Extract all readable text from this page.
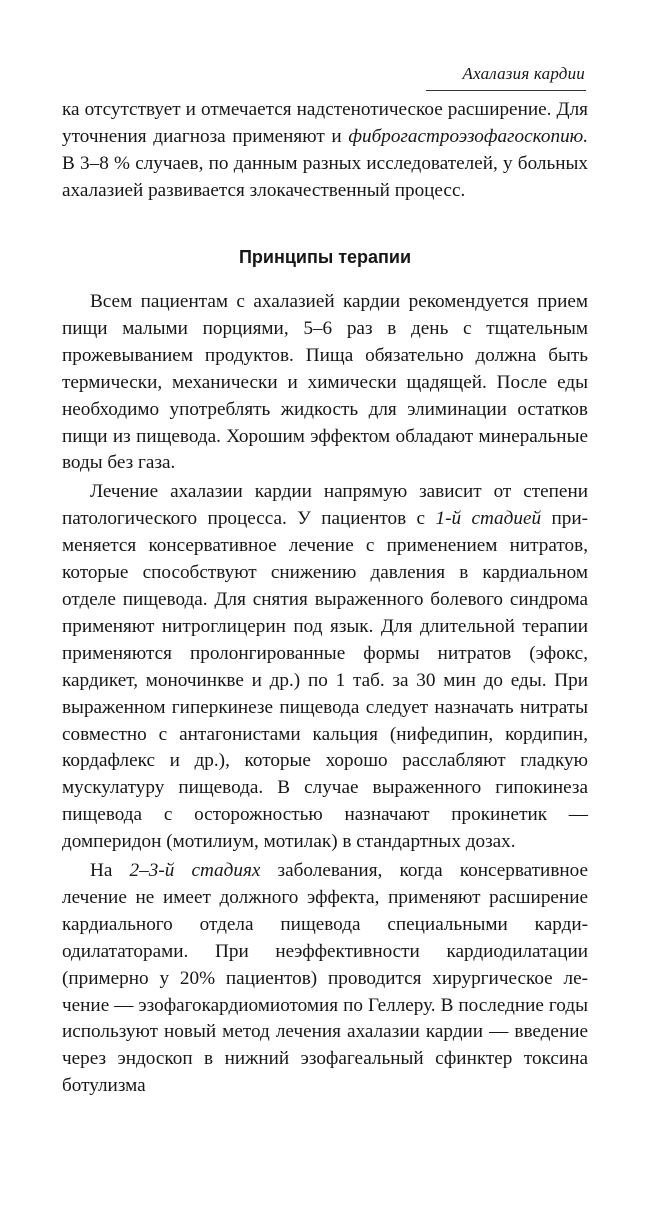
Ахалазия кардии

ка отсутствует и отмечается надстенотическое расширение. Для уточнения диагноза применяют и фиброгастроэзофагоскопию. В 3–8 % случаев, по данным разных исследователей, у больных ахалазией развивается злокачественный процесс.

Принципы терапии

Всем пациентам с ахалазией кардии рекомендуется прием пищи малыми порциями, 5–6 раз в день с тщательным прожевыванием продуктов. Пища обязательно должна быть термически, механически и химически щадящей. После еды необходимо употреблять жидкость для элиминации остатков пищи из пищевода. Хорошим эффектом обладают минеральные воды без газа.

Лечение ахалазии кардии напрямую зависит от степени патологического процесса. У пациентов с 1-й стадией применяется консервативное лечение с применением нитратов, которые способствуют снижению давления в кардиальном отделе пищевода. Для снятия выраженного болевого синдрома применяют нитроглицерин под язык. Для длительной терапии применяются пролонгированные формы нитратов (эфокс, кардикет, моночинкве и др.) по 1 таб. за 30 мин до еды. При выраженном гиперкинезе пищевода следует назначать нитраты совместно с антагонистами кальция (нифедипин, кордипин, кордафлекс и др.), которые хорошо расслабляют гладкую мускулатуру пищевода. В случае выраженного гипокинеза пищевода с осторожностью назначают прокинетик — домперидон (мотилиум, мотилак) в стандартных дозах.

На 2–3-й стадиях заболевания, когда консервативное лечение не имеет должного эффекта, применяют расширение кардиального отдела пищевода специальными кардиодилататорами. При неэффективности кардиодилатации (примерно у 20% пациентов) проводится хирургическое лечение — эзофагокардиомиотомия по Геллеру. В последние годы используют новый метод лечения ахалазии кардии — введение через эндоскоп в нижний эзофагеальный сфинктер токсина ботулизма
